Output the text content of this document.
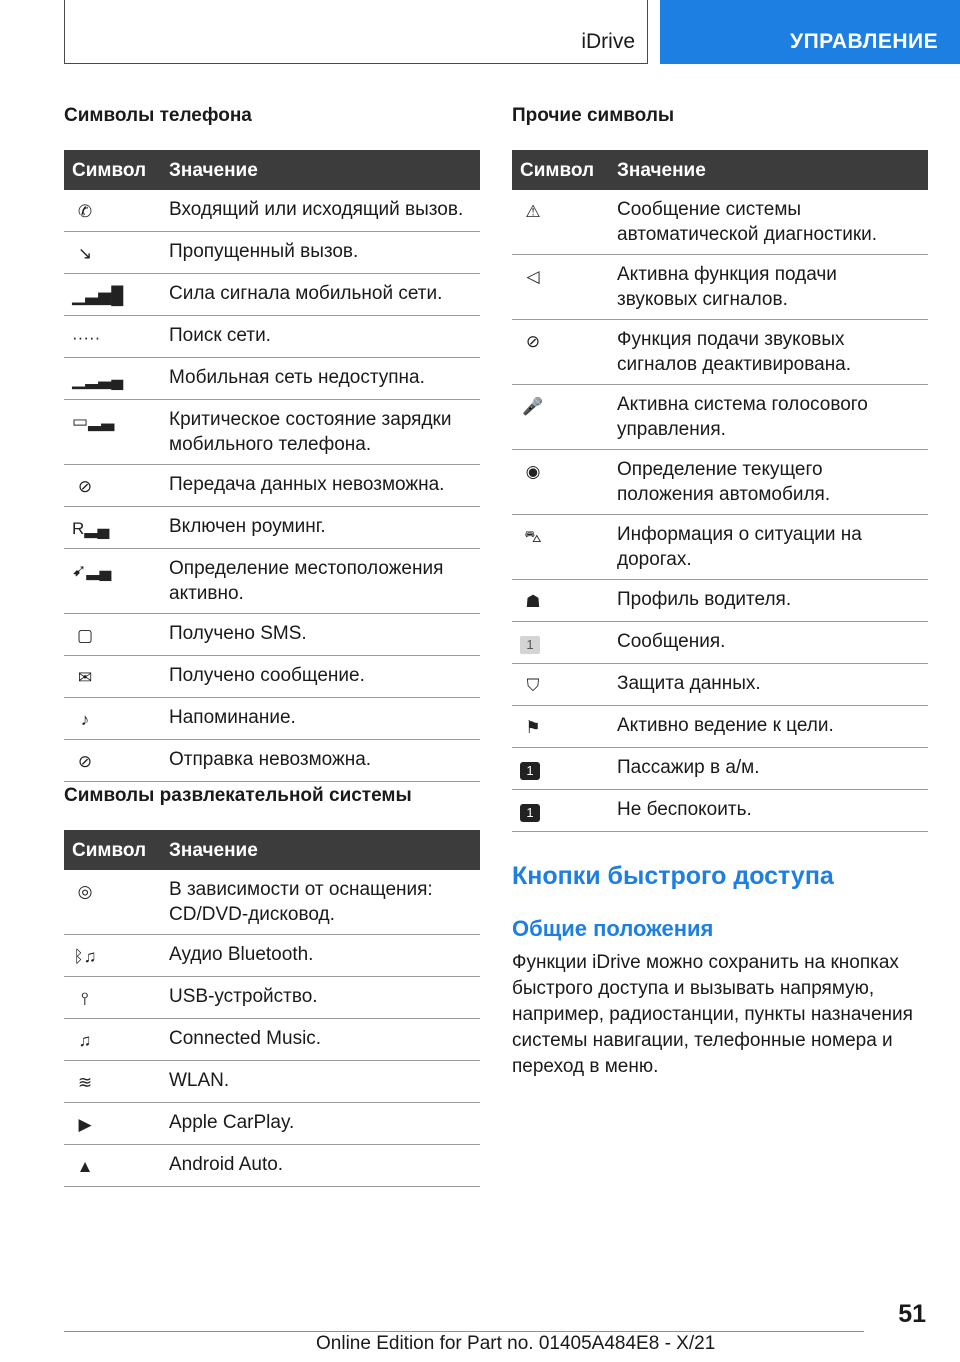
iDrive	УПРАВЛЕНИЕ
Символы телефона
Символ	Значение
✆	Входящий или исходящий вызов.
↘	Пропущенный вызов.
▁▃▅█	Сила сигнала мобильной сети.
·····	Поиск сети.
▁▂▃▄	Мобильная сеть недоступна.
▭▂▃	Критическое состояние зарядки мобильного телефона.
⊘	Передача данных невозможна.
R▂▄	Включен роуминг.
➹▂▄	Определение местоположения активно.
▢	Получено SMS.
✉	Получено сообщение.
♪	Напоминание.
⊘	Отправка невозможна.
Символы развлекательной системы
Символ	Значение
◎	В зависимости от оснащения: CD/DVD-дисковод.
ᛒ♫	Аудио Bluetooth.
⫯	USB-устройство.
♫	Connected Music.
≋	WLAN.
▶	Apple CarPlay.
▲	Android Auto.
Прочие символы
Символ	Значение
⚠	Сообщение системы автоматической диагностики.
◁	Активна функция подачи звуковых сигналов.
⊘	Функция подачи звуковых сигналов деактивирована.
🎤	Активна система голосового управления.
◉	Определение текущего положения автомобиля.
⛍	Информация о ситуации на дорогах.
☗	Профиль водителя.
1	Сообщения.
⛉	Защита данных.
⚑	Активно ведение к цели.
1	Пассажир в а/м.
1	Не беспокоить.
Кнопки быстрого доступа
Общие положения

Функции iDrive можно сохранить на кнопках быстрого доступа и вызывать напрямую, например, радиостанции, пункты назначения системы навигации, телефонные номера и переход в меню.

51
Online Edition for Part no. 01405A484E8 - X/21
